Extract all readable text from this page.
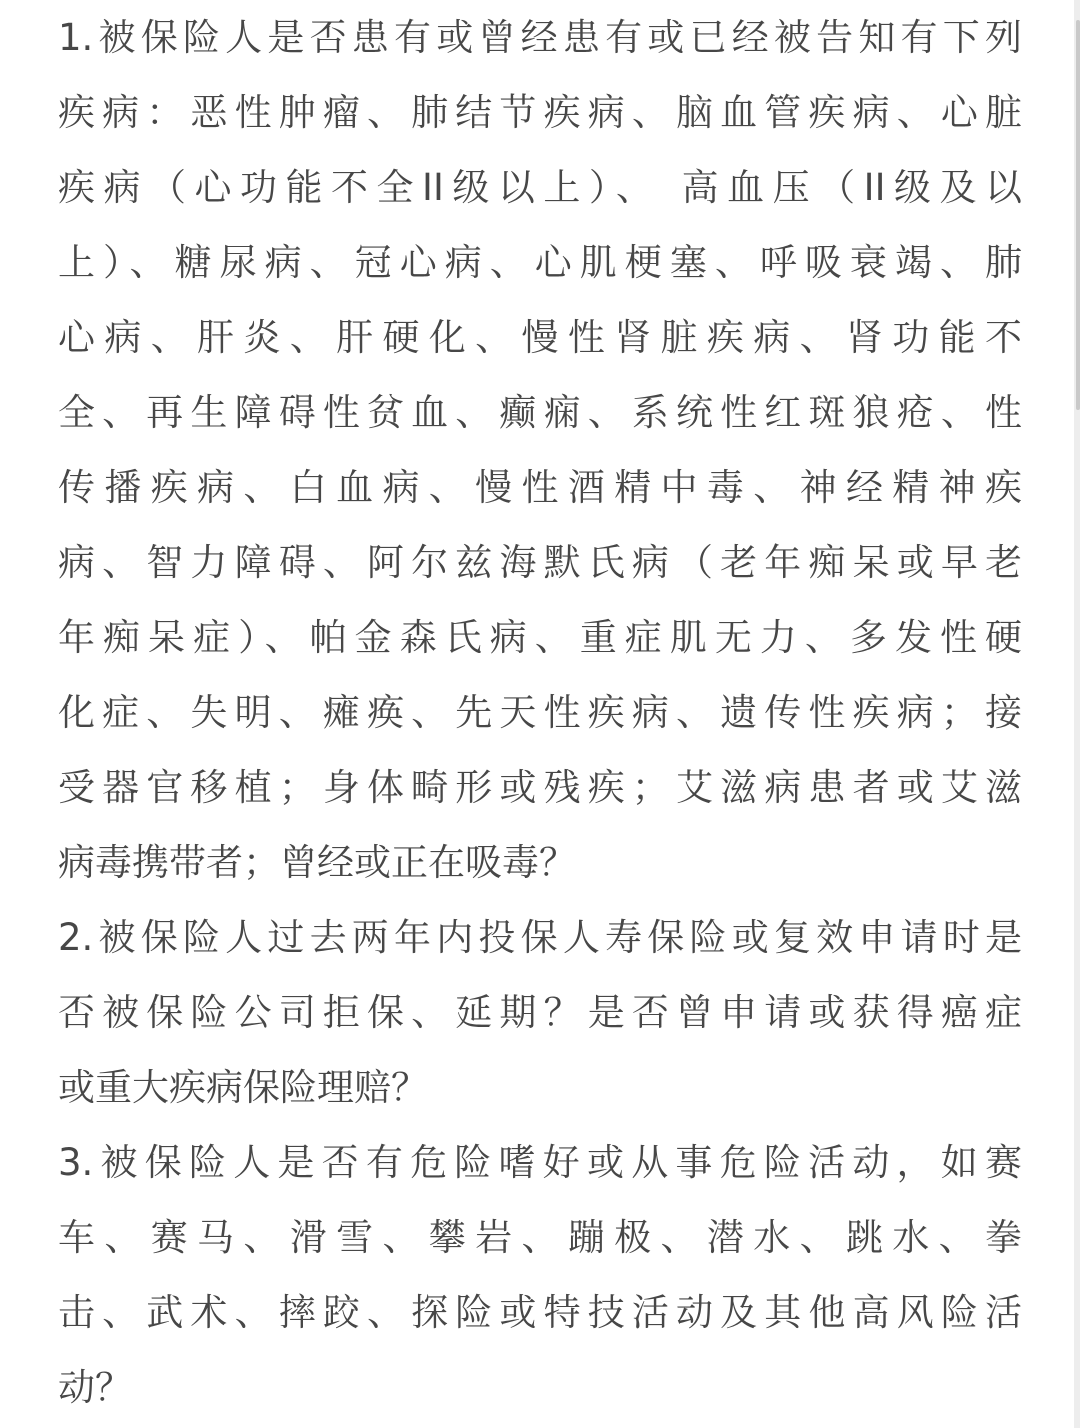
1.被保险人是否患有或曾经患有或已经被告知有下列
疾病：恶性肿瘤、肺结节疾病、脑血管疾病、心脏
疾病（心功能不全II级以上）、 高血压（II级及以
上）、糖尿病、冠心病、心肌梗塞、呼吸衰竭、肺
心病、肝炎、肝硬化、慢性肾脏疾病、肾功能不
全、再生障碍性贫血、癫痫、系统性红斑狼疮、性
传播疾病、白血病、慢性酒精中毒、神经精神疾
病、智力障碍、阿尔兹海默氏病（老年痴呆或早老
年痴呆症）、帕金森氏病、重症肌无力、多发性硬
化症、失明、瘫痪、先天性疾病、遗传性疾病；接
受器官移植；身体畸形或残疾；艾滋病患者或艾滋
病毒携带者；曾经或正在吸毒？
2.被保险人过去两年内投保人寿保险或复效申请时是
否被保险公司拒保、延期？是否曾申请或获得癌症
或重大疾病保险理赔？
3.被保险人是否有危险嗜好或从事危险活动，如赛
车、赛马、滑雪、攀岩、蹦极、潜水、跳水、拳
击、武术、摔跤、探险或特技活动及其他高风险活
动？
